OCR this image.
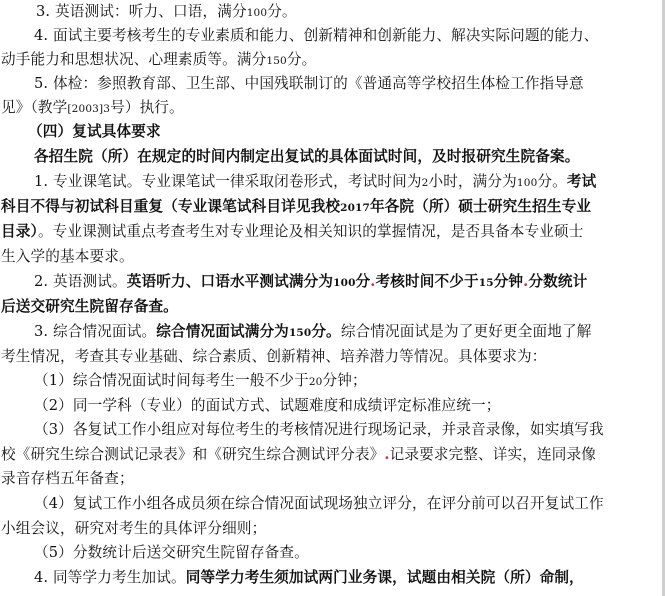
3. 英语测试：听力、口语，满分100分。
4. 面试主要考核考生的专业素质和能力、创新精神和创新能力、解决实际问题的能力、
动手能力和思想状况、心理素质等。满分150分。
5. 体检：参照教育部、卫生部、中国残联制订的《普通高等学校招生体检工作指导意
见》（教学[2003]3号）执行。
（四）复试具体要求
各招生院（所）在规定的时间内制定出复试的具体面试时间，及时报研究生院备案。
1. 专业课笔试。专业课笔试一律采取闭卷形式，考试时间为2小时，满分为100分。考试
科目不得与初试科目重复（专业课笔试科目详见我校2017年各院（所）硕士研究生招生专业
目录）。专业课测试重点考查考生对专业理论及相关知识的掌握情况，是否具备本专业硕士
生入学的基本要求。
2. 英语测试。英语听力、口语水平测试满分为100分.考核时间不少于15分钟.分数统计
后送交研究生院留存备查。
3. 综合情况面试。综合情况面试满分为150分。综合情况面试是为了更好更全面地了解
考生情况，考查其专业基础、综合素质、创新精神、培养潜力等情况。具体要求为：
（1）综合情况面试时间每考生一般不少于20分钟；
（2）同一学科（专业）的面试方式、试题难度和成绩评定标准应统一；
（3）各复试工作小组应对每位考生的考核情况进行现场记录，并录音录像，如实填写我
校《研究生综合测试记录表》和《研究生综合测试评分表》.记录要求完整、详实，连同录像
录音存档五年备查；
（4）复试工作小组各成员须在综合情况面试现场独立评分，在评分前可以召开复试工作
小组会议，研究对考生的具体评分细则；
（5）分数统计后送交研究生院留存备查。
4. 同等学力考生加试。同等学力考生须加试两门业务课，试题由相关院（所）命制，
